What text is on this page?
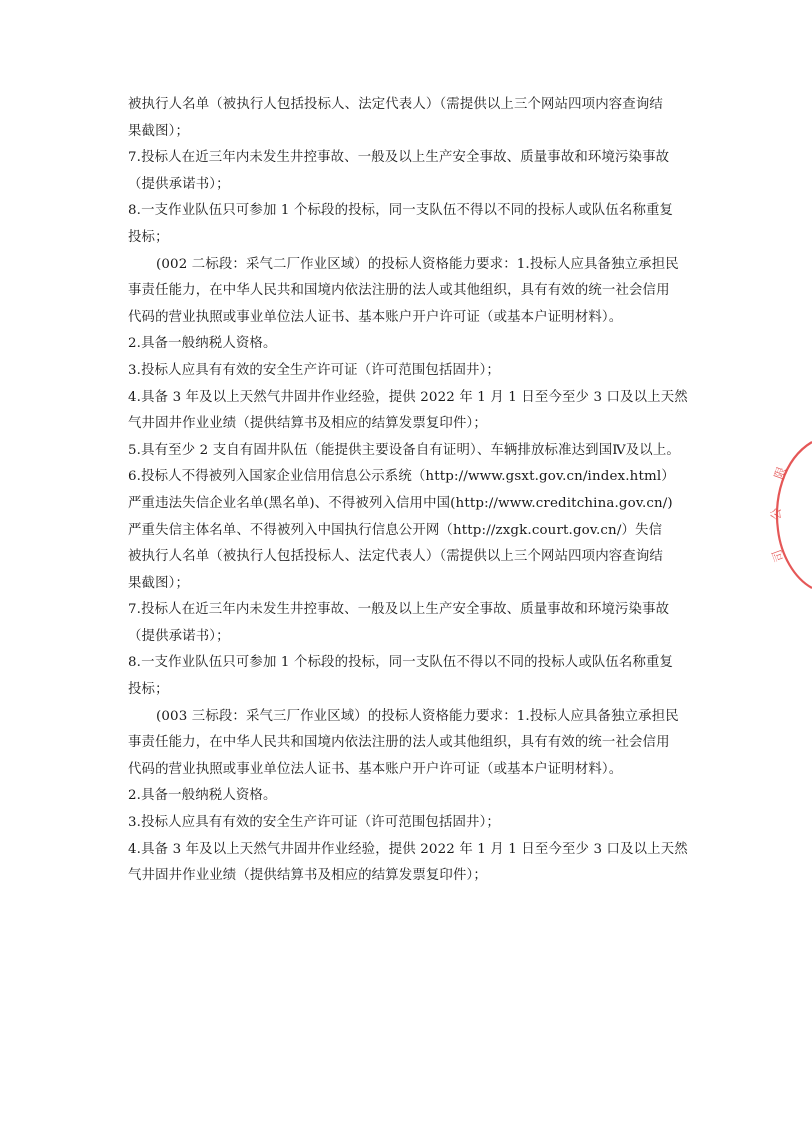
被执行人名单（被执行人包括投标人、法定代表人）（需提供以上三个网站四项内容查询结
果截图）；
7.投标人在近三年内未发生井控事故、一般及以上生产安全事故、质量事故和环境污染事故
（提供承诺书）；
8.一支作业队伍只可参加 1 个标段的投标，同一支队伍不得以不同的投标人或队伍名称重复
投标；
(002 二标段：采气二厂作业区域）的投标人资格能力要求：1.投标人应具备独立承担民
事责任能力，在中华人民共和国境内依法注册的法人或其他组织，具有有效的统一社会信用
代码的营业执照或事业单位法人证书、基本账户开户许可证（或基本户证明材料）。
2.具备一般纳税人资格。
3.投标人应具有有效的安全生产许可证（许可范围包括固井）；
4.具备 3 年及以上天然气井固井作业经验，提供 2022 年 1 月 1 日至今至少 3 口及以上天然
气井固井作业业绩（提供结算书及相应的结算发票复印件）；
5.具有至少 2 支自有固井队伍（能提供主要设备自有证明）、车辆排放标准达到国Ⅳ及以上。
6.投标人不得被列入国家企业信用信息公示系统（http://www.gsxt.gov.cn/index.html）
严重违法失信企业名单(黑名单)、不得被列入信用中国(http://www.creditchina.gov.cn/)
严重失信主体名单、不得被列入中国执行信息公开网（http://zxgk.court.gov.cn/）失信
被执行人名单（被执行人包括投标人、法定代表人）（需提供以上三个网站四项内容查询结
果截图）；
7.投标人在近三年内未发生井控事故、一般及以上生产安全事故、质量事故和环境污染事故
（提供承诺书）；
8.一支作业队伍只可参加 1 个标段的投标，同一支队伍不得以不同的投标人或队伍名称重复
投标；
(003 三标段：采气三厂作业区域）的投标人资格能力要求：1.投标人应具备独立承担民
事责任能力，在中华人民共和国境内依法注册的法人或其他组织，具有有效的统一社会信用
代码的营业执照或事业单位法人证书、基本账户开户许可证（或基本户证明材料）。
2.具备一般纳税人资格。
3.投标人应具有有效的安全生产许可证（许可范围包括固井）；
4.具备 3 年及以上天然气井固井作业经验，提供 2022 年 1 月 1 日至今至少 3 口及以上天然
气井固井作业业绩（提供结算书及相应的结算发票复印件）；
限
公
司
